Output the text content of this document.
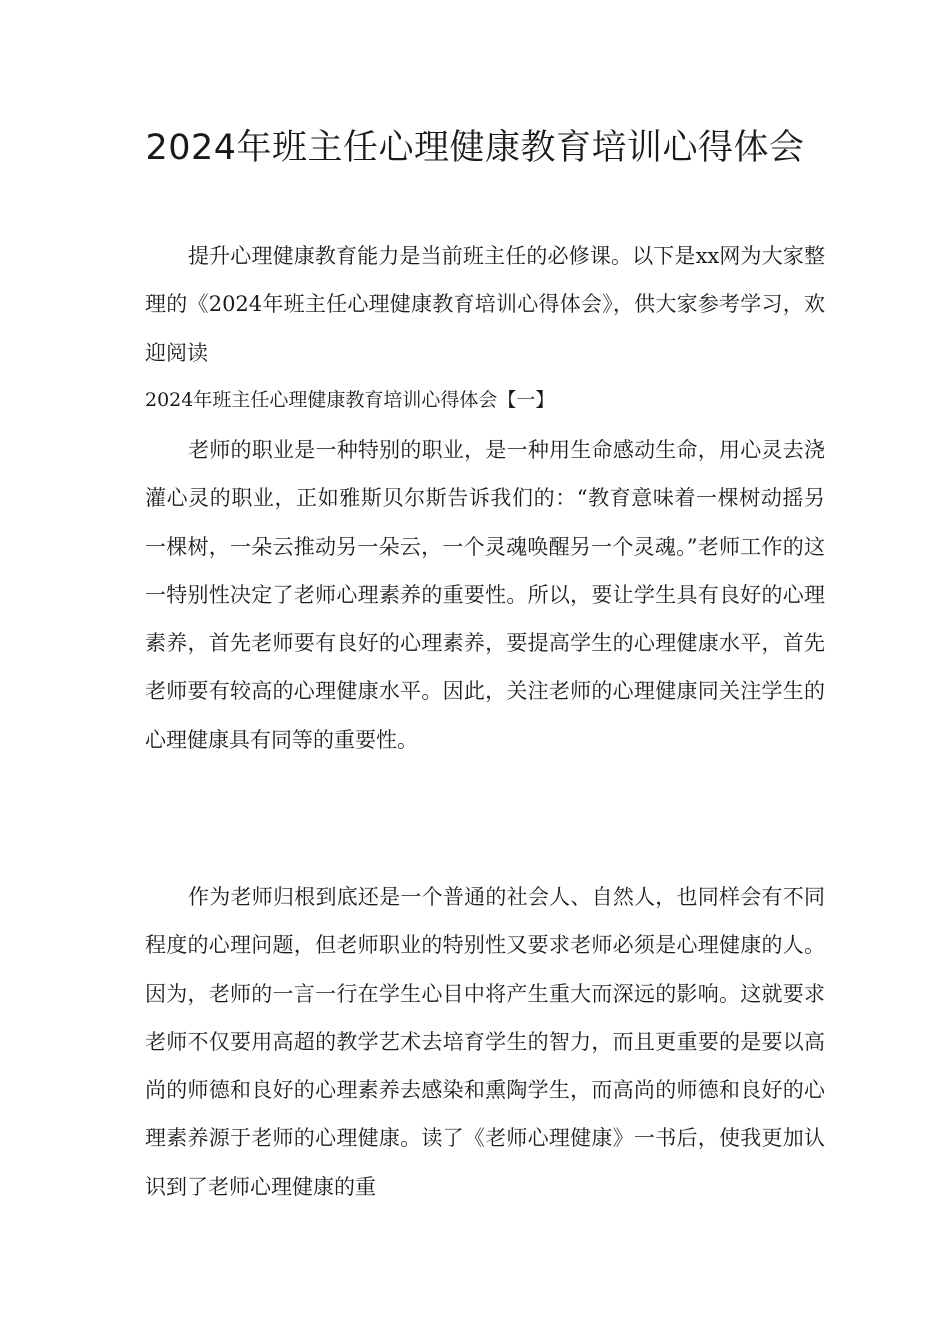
2024年班主任心理健康教育培训心得体会

提升心理健康教育能力是当前班主任的必修课。以下是xx网为大家整理的《2024年班主任心理健康教育培训心得体会》，供大家参考学习，欢迎阅读

2024年班主任心理健康教育培训心得体会【一】

老师的职业是一种特别的职业，是一种用生命感动生命，用心灵去浇灌心灵的职业，正如雅斯贝尔斯告诉我们的：“教育意味着一棵树动摇另一棵树，一朵云推动另一朵云，一个灵魂唤醒另一个灵魂。”老师工作的这一特别性决定了老师心理素养的重要性。所以，要让学生具有良好的心理素养，首先老师要有良好的心理素养，要提高学生的心理健康水平，首先老师要有较高的心理健康水平。因此，关注老师的心理健康同关注学生的心理健康具有同等的重要性。

作为老师归根到底还是一个普通的社会人、自然人，也同样会有不同程度的心理问题，但老师职业的特别性又要求老师必须是心理健康的人。因为，老师的一言一行在学生心目中将产生重大而深远的影响。这就要求老师不仅要用高超的教学艺术去培育学生的智力，而且更重要的是要以高尚的师德和良好的心理素养去感染和熏陶学生，而高尚的师德和良好的心理素养源于老师的心理健康。读了《老师心理健康》一书后，使我更加认识到了老师心理健康的重
